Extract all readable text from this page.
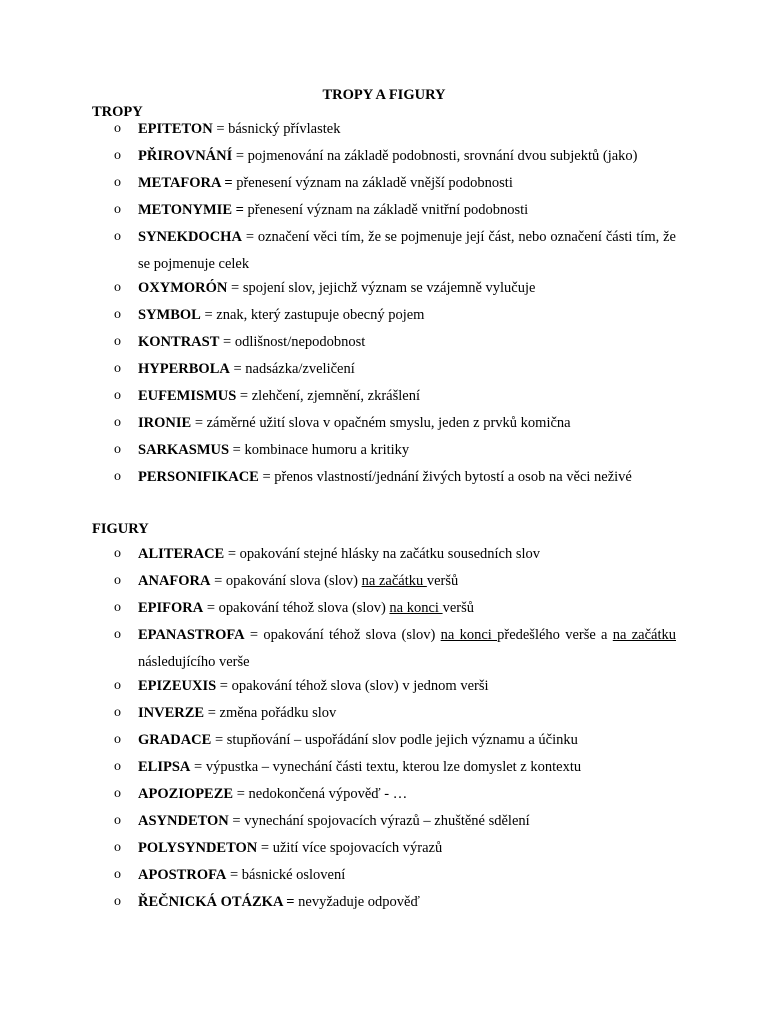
TROPY A FIGURY
TROPY
o EPITETON = básnický přívlastek
o PŘIROVNÁNÍ = pojmenování na základě podobnosti, srovnání dvou subjektů (jako)
o METAFORA = přenesení význam na základě vnější podobnosti
o METONYMIE = přenesení význam na základě vnitřní podobnosti
o SYNEKDOCHA = označení věci tím, že se pojmenuje její část, nebo označení části tím, že se pojmenuje celek
o OXYMORÓN = spojení slov, jejichž význam se vzájemně vylučuje
o SYMBOL = znak, který zastupuje obecný pojem
o KONTRAST = odlišnost/nepodobnost
o HYPERBOLA = nadsázka/zveličení
o EUFEMISMUS = zlehčení, zjemnění, zkrášlení
o IRONIE = záměrné užití slova v opačném smyslu, jeden z prvků komična
o SARKASMUS = kombinace humoru a kritiky
o PERSONIFIKACE = přenos vlastností/jednání živých bytostí a osob na věci neživé
FIGURY
o ALITERACE = opakování stejné hlásky na začátku sousedních slov
o ANAFORA = opakování slova (slov) na začátku veršů
o EPIFORA = opakování téhož slova (slov) na konci veršů
o EPANASTROFA = opakování téhož slova (slov) na konci předešlého verše a na začátku následujícího verše
o EPIZEUXIS = opakování téhož slova (slov) v jednom verši
o INVERZE = změna pořádku slov
o GRADACE = stupňování – uspořádání slov podle jejich významu a účinku
o ELIPSA = výpustka – vynechání části textu, kterou lze domyslet z kontextu
o APOZIOPEZE = nedokončená výpověď - …
o ASYNDETON = vynechání spojovacích výrazů – zhuštěné sdělení
o POLYSYNDETON = užití více spojovacích výrazů
o APOSTROFA = básnické oslovení
o ŘEČNICKÁ OTÁZKA = nevyžaduje odpověď
